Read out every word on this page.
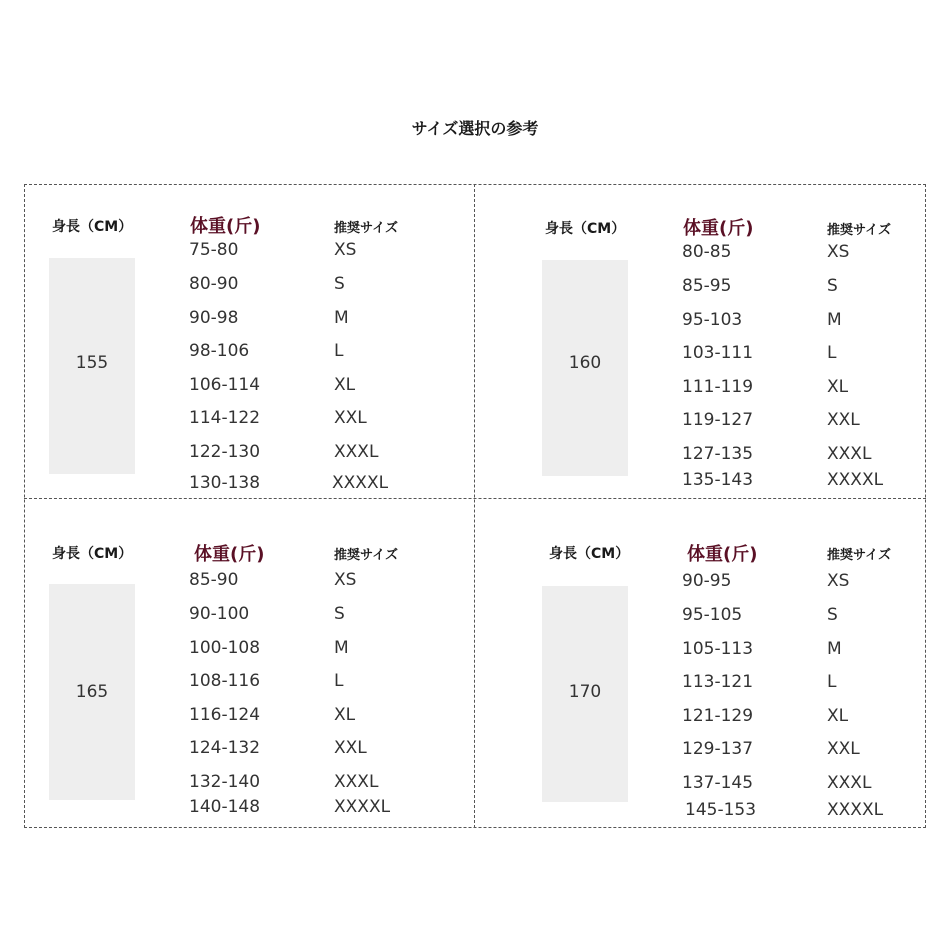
サイズ選択の参考
身長（CM）	体重(斤)	推奨サイズ
155
75-80	XS
80-90	S
90-98	M
98-106	L
106-114	XL
114-122	XXL
122-130	XXXL
130-138	XXXXL
身長（CM）	体重(斤)	推奨サイズ
160
80-85	XS
85-95	S
95-103	M
103-111	L
111-119	XL
119-127	XXL
127-135	XXXL
135-143	XXXXL
身長（CM）	体重(斤)	推奨サイズ
165
85-90	XS
90-100	S
100-108	M
108-116	L
116-124	XL
124-132	XXL
132-140	XXXL
140-148	XXXXL
身長（CM）	体重(斤)	推奨サイズ
170
90-95	XS
95-105	S
105-113	M
113-121	L
121-129	XL
129-137	XXL
137-145	XXXL
145-153	XXXXL
